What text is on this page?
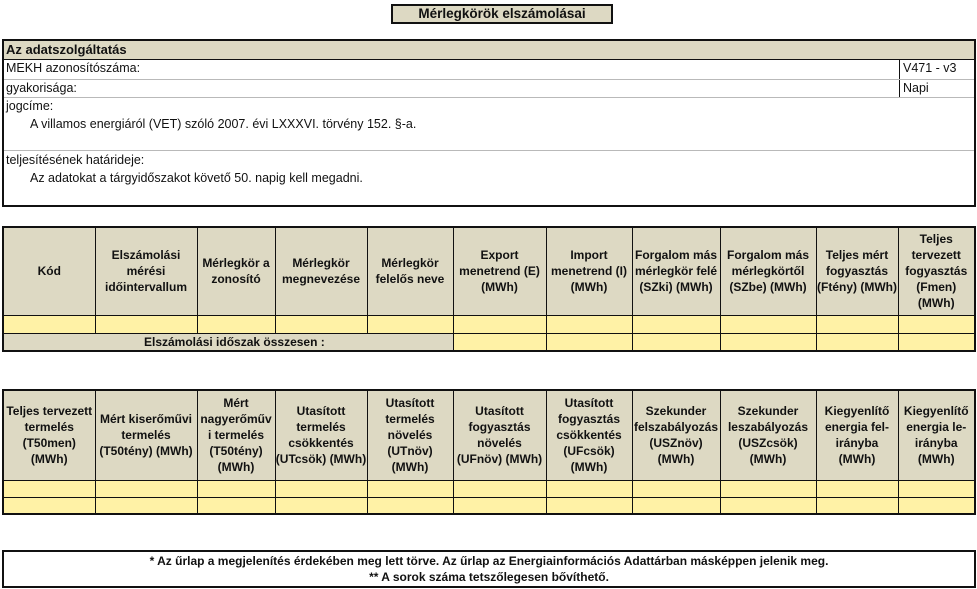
Mérlegkörök elszámolásai
Az adatszolgáltatás
MEKH azonosítószáma:	V471 - v3
gyakorisága:	Napi
jogcíme:
A villamos energiáról (VET) szóló 2007. évi LXXXVI. törvény 152. §-a.
teljesítésének határideje:
Az adatokat a tárgyidőszakot követő 50. napig kell megadni.
Kód	Elszámolási mérési időintervallum	Mérlegkör a zonosító	Mérlegkör megnevezése	Mérlegkör felelős neve	Export menetrend (E) (MWh)	Import menetrend (I) (MWh)	Forgalom más mérlegkör felé (SZki) (MWh)	Forgalom más mérlegkörtől (SZbe) (MWh)	Teljes mért fogyasztás (Ftény) (MWh)	Teljes tervezett fogyasztás (Fmen) (MWh)

Elszámolási időszak összesen :										
Teljes tervezett termelés (T50men) (MWh)	Mért kiserőművi termelés (T50tény) (MWh)	Mért nagyerőműv i termelés (T50tény) (MWh)	Utasított termelés csökkentés (UTcsök) (MWh)	Utasított termelés növelés (UTnöv) (MWh)	Utasított fogyasztás növelés (UFnöv) (MWh)	Utasított fogyasztás csökkentés (UFcsök) (MWh)	Szekunder felszabályozás (USZnöv) (MWh)	Szekunder leszabályozás (USZcsök) (MWh)	Kiegyenlítő energia fel-irányba (MWh)	Kiegyenlítő energia le-irányba (MWh)

* Az űrlap a megjelenítés érdekében meg lett törve. Az űrlap az Energiainformációs Adattárban másképpen jelenik meg.
** A sorok száma tetszőlegesen bővíthető.
